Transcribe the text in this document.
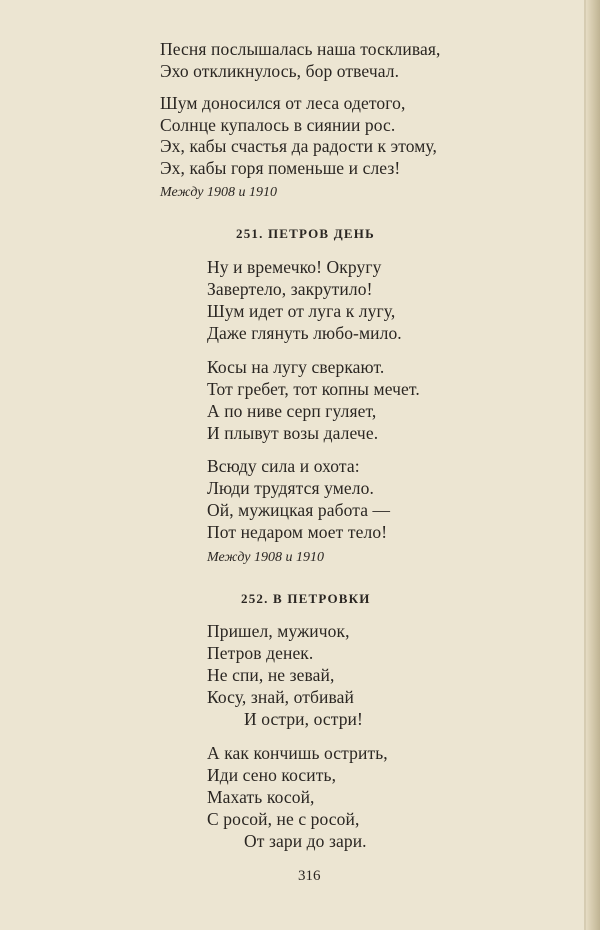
Песня послышалась наша тоскливая,
Эхо откликнулось, бор отвечал.
Шум доносился от леса одетого,
Солнце купалось в сиянии рос.
Эх, кабы счастья да радости к этому,
Эх, кабы горя поменьше и слез!
Между 1908 и 1910
251. ПЕТРОВ ДЕНЬ
Ну и времечко! Округу
Завертело, закрутило!
Шум идет от луга к лугу,
Даже глянуть любо-мило.
Косы на лугу сверкают.
Тот гребет, тот копны мечет.
А по ниве серп гуляет,
И плывут возы далече.
Всюду сила и охота:
Люди трудятся умело.
Ой, мужицкая работа —
Пот недаром моет тело!
Между 1908 и 1910
252. В ПЕТРОВКИ
Пришел, мужичок,
Петров денек.
Не спи, не зевай,
Косу, знай, отбивай
И остри, остри!
А как кончишь острить,
Иди сено косить,
Махать косой,
С росой, не с росой,
От зари до зари.
316
